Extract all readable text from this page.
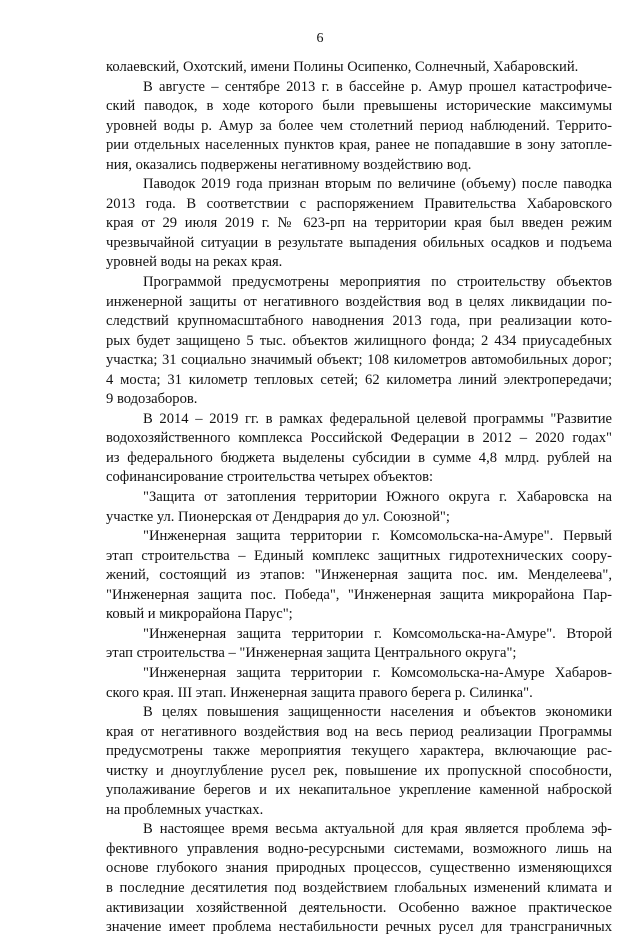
6
колаевский, Охотский, имени Полины Осипенко, Солнечный, Хабаровский.
В августе – сентябре 2013 г. в бассейне р. Амур прошел катастрофиче-
ский паводок, в ходе которого были превышены исторические максимумы
уровней воды р. Амур за более чем столетний период наблюдений. Террито-
рии отдельных населенных пунктов края, ранее не попадавшие в зону затопле-
ния, оказались подвержены негативному воздействию вод.
Паводок 2019 года признан вторым по величине (объему) после паводка
2013 года. В соответствии с распоряжением Правительства Хабаровского
края от 29 июля 2019 г. № 623-рп на территории края был введен режим
чрезвычайной ситуации в результате выпадения обильных осадков и подъема
уровней воды на реках края.
Программой предусмотрены мероприятия по строительству объектов
инженерной защиты от негативного воздействия вод в целях ликвидации по-
следствий крупномасштабного наводнения 2013 года, при реализации кото-
рых будет защищено 5 тыс. объектов жилищного фонда; 2 434 приусадебных
участка; 31 социально значимый объект; 108 километров автомобильных дорог;
4 моста; 31 километр тепловых сетей; 62 километра линий электропередачи;
9 водозаборов.
В 2014 – 2019 гг. в рамках федеральной целевой программы "Развитие
водохозяйственного комплекса Российской Федерации в 2012 – 2020 годах"
из федерального бюджета выделены субсидии в сумме 4,8 млрд. рублей на
софинансирование строительства четырех объектов:
"Защита от затопления территории Южного округа г. Хабаровска на
участке ул. Пионерская от Дендрария до ул. Союзной";
"Инженерная защита территории г. Комсомольска-на-Амуре". Первый
этап строительства – Единый комплекс защитных гидротехнических соору-
жений, состоящий из этапов: "Инженерная защита пос. им. Менделеева",
"Инженерная защита пос. Победа", "Инженерная защита микрорайона Пар-
ковый и микрорайона Парус";
"Инженерная защита территории г. Комсомольска-на-Амуре". Второй
этап строительства – "Инженерная защита Центрального округа";
"Инженерная защита территории г. Комсомольска-на-Амуре Хабаров-
ского края. III этап. Инженерная защита правого берега р. Силинка".
В целях повышения защищенности населения и объектов экономики
края от негативного воздействия вод на весь период реализации Программы
предусмотрены также мероприятия текущего характера, включающие рас-
чистку и дноуглубление русел рек, повышение их пропускной способности,
уполаживание берегов и их некапитальное укрепление каменной наброской
на проблемных участках.
В настоящее время весьма актуальной для края является проблема эф-
фективного управления водно-ресурсными системами, возможного лишь на
основе глубокого знания природных процессов, существенно изменяющихся
в последние десятилетия под воздействием глобальных изменений климата и
активизации хозяйственной деятельности. Особенно важное практическое
значение имеет проблема нестабильности речных русел для трансграничных
